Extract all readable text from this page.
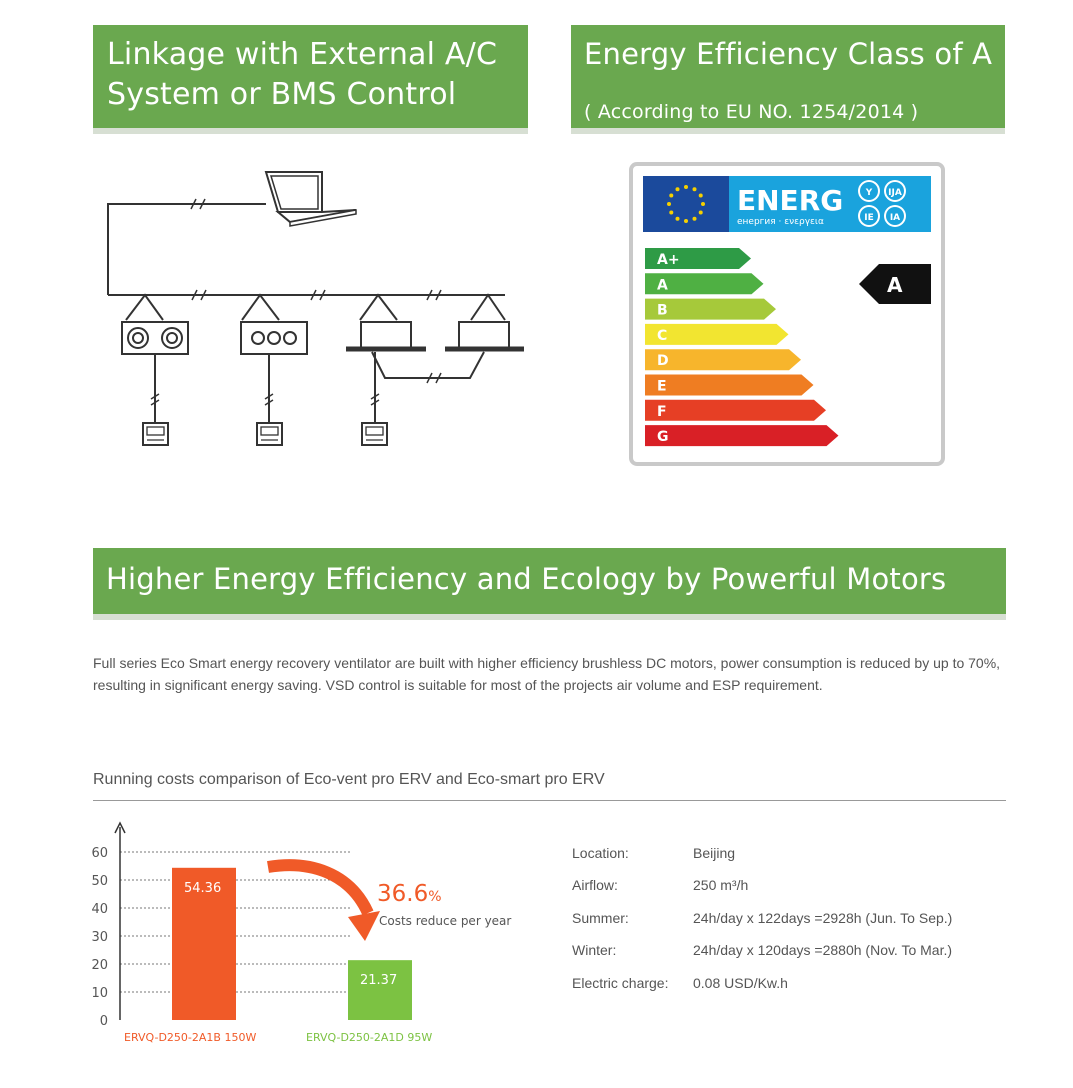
Linkage with External A/C System or BMS Control
Energy Efficiency Class of A
( According to EU NO. 1254/2014 )
ENERG
енергия · ενεργεια
Y IJA
IE IA
A+
A
B
C
D
E
F
G
A
Higher Energy Efficiency and Ecology by Powerful Motors
Full series Eco Smart energy recovery ventilator are built with higher efficiency brushless DC motors, power consumption is reduced by up to 70%, resulting in significant energy saving. VSD control is suitable for most of the projects air volume and ESP requirement.
Running costs comparison of Eco-vent pro ERV and Eco-smart pro ERV
0
10
20
30
40
50
60
54.36
21.37
ERVQ-D250-2A1B 150W	ERVQ-D250-2A1D 95W
36.6%
Costs reduce per year
Location:	Beijing
Airflow:	250 m³/h
Summer:	24h/day x 122days =2928h (Jun. To Sep.)
Winter:	24h/day x 120days =2880h (Nov. To Mar.)
Electric charge: 0.08 USD/Kw.h
